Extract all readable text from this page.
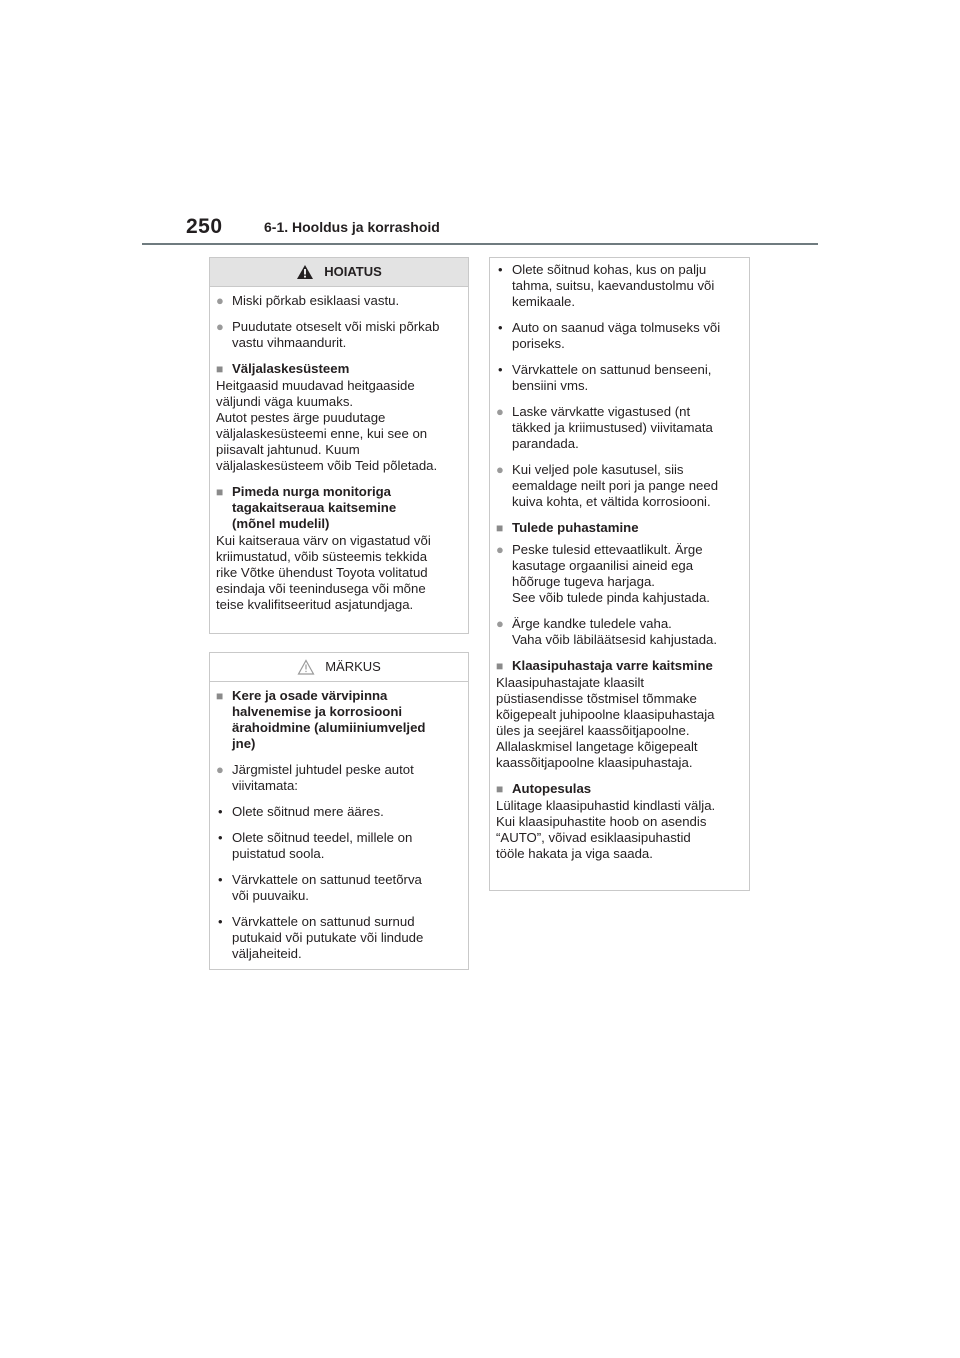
250	6-1. Hooldus ja korrashoid
HOIATUS
● Miski põrkab esiklaasi vastu.
● Puudutate otseselt või miski põrkab
vastu vihmaandurit.
■ Väljalaskesüsteem
Heitgaasid muudavad heitgaaside
väljundi väga kuumaks.
Autot pestes ärge puudutage
väljalaskesüsteemi enne, kui see on
piisavalt jahtunud. Kuum
väljalaskesüsteem võib Teid põletada.
■ Pimeda nurga monitoriga
tagakaitseraua kaitsemine
(mõnel mudelil)
Kui kaitseraua värv on vigastatud või
kriimustatud, võib süsteemis tekkida
rike Võtke ühendust Toyota volitatud
esindaja või teenindusega või mõne
teise kvalifitseeritud asjatundjaga.
MÄRKUS
■ Kere ja osade värvipinna
halvenemise ja korrosiooni
ärahoidmine (alumiiniumveljed
jne)
● Järgmistel juhtudel peske autot
viivitamata:
• Olete sõitnud mere ääres.
• Olete sõitnud teedel, millele on
puistatud soola.
• Värvkattele on sattunud teetõrva
või puuvaiku.
• Värvkattele on sattunud surnud
putukaid või putukate või lindude
väljaheiteid.
• Olete sõitnud kohas, kus on palju
tahma, suitsu, kaevandustolmu või
kemikaale.
• Auto on saanud väga tolmuseks või
poriseks.
• Värvkattele on sattunud benseeni,
bensiini vms.
● Laske värvkatte vigastused (nt
täkked ja kriimustused) viivitamata
parandada.
● Kui veljed pole kasutusel, siis
eemaldage neilt pori ja pange need
kuiva kohta, et vältida korrosiooni.
■ Tulede puhastamine
● Peske tulesid ettevaatlikult. Ärge
kasutage orgaanilisi aineid ega
hõõruge tugeva harjaga.
See võib tulede pinda kahjustada.
● Ärge kandke tuledele vaha.
Vaha võib läbiläätsesid kahjustada.
■ Klaasipuhastaja varre kaitsmine
Klaasipuhastajate klaasilt
püstiasendisse tõstmisel tõmmake
kõigepealt juhipoolne klaasipuhastaja
üles ja seejärel kaassõitjapoolne.
Allalaskmisel langetage kõigepealt
kaassõitjapoolne klaasipuhastaja.
■ Autopesulas
Lülitage klaasipuhastid kindlasti välja.
Kui klaasipuhastite hoob on asendis
“AUTO”, võivad esiklaasipuhastid
tööle hakata ja viga saada.
